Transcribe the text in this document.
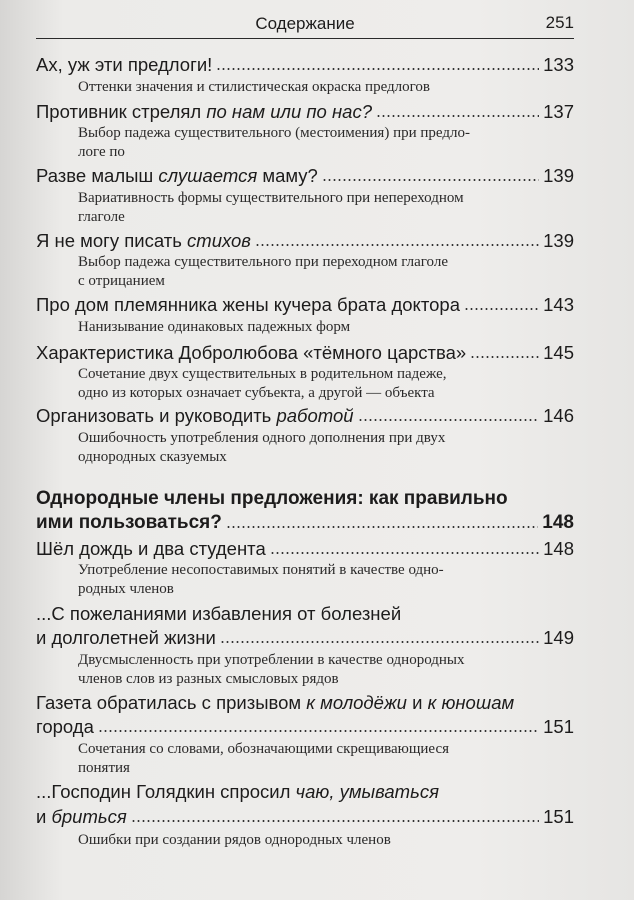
Содержание	251
Ах, уж эти предлоги!	133
Оттенки значения и стилистическая окраска предлогов
Противник стрелял по нам или по нас?	137
Выбор падежа существительного (местоимения) при предло-
логе по
Разве малыш слушается маму?	139
Вариативность формы существительного при непереходном
глаголе
Я не могу писать стихов	139
Выбор падежа существительного при переходном глаголе
с отрицанием
Про дом племянника жены кучера брата доктора	143
Нанизывание одинаковых падежных форм
Характеристика Добролюбова «тёмного царства»	145
Сочетание двух существительных в родительном падеже,
одно из которых означает субъекта, а другой — объекта
Организовать и руководить работой	146
Ошибочность употребления одного дополнения при двух
однородных сказуемых
Однородные члены предложения: как правильно
ими пользоваться?	148
Шёл дождь и два студента	148
Употребление несопоставимых понятий в качестве одно-
родных членов
...С пожеланиями избавления от болезней
и долголетней жизни	149
Двусмысленность при употреблении в качестве однородных
членов слов из разных смысловых рядов
Газета обратилась с призывом к молодёжи и к юношам
города	151
Сочетания со словами, обозначающими скрещивающиеся
понятия
...Господин Голядкин спросил чаю, умываться
и бриться	151
Ошибки при создании рядов однородных членов
